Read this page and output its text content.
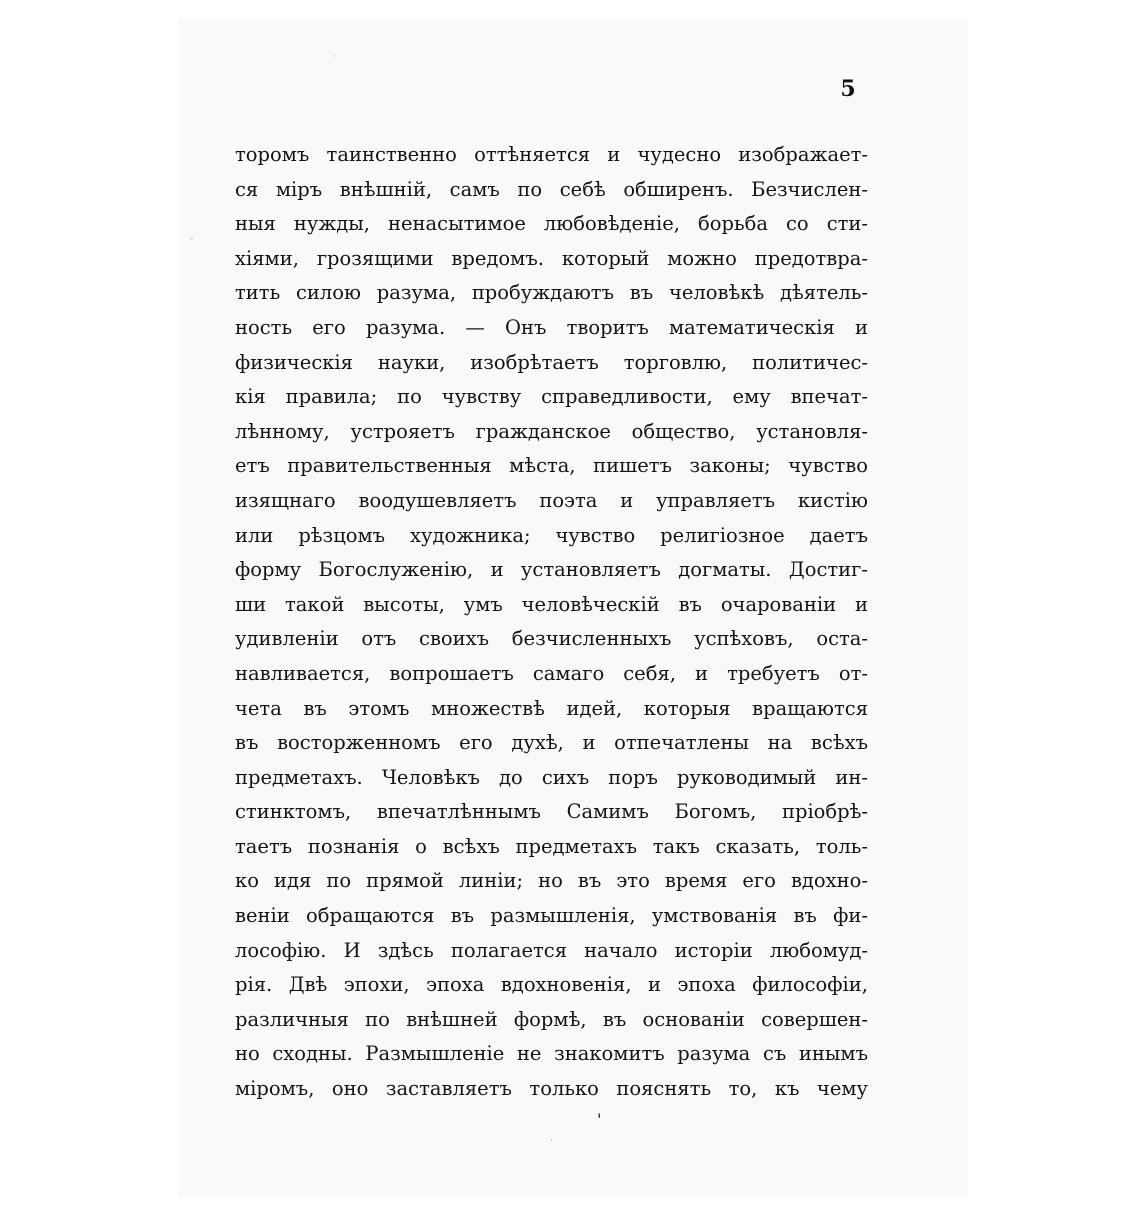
5
торомъ таинственно оттѣняется и чудесно изображает-
ся міръ внѣшній, самъ по себѣ обширенъ. Безчислен-
ныя нужды, ненасытимое любовѣденіе, борьба со сти-
хіями, грозящими вредомъ. который можно предотвра-
тить силою разума, пробуждаютъ въ человѣкѣ дѣятель-
ность его разума. — Онъ творитъ математическія и
физическія науки, изобрѣтаетъ торговлю, политичес-
кія правила; по чувству справедливости, ему впечат-
лѣнному, устрояетъ гражданское общество, установля-
етъ правительственныя мѣста, пишетъ законы; чувство
изящнаго воодушевляетъ поэта и управляетъ кистію
или рѣзцомъ художника; чувство религіозное даетъ
форму Богослуженію, и установляетъ догматы. Достиг-
ши такой высоты, умъ человѣческій въ очарованіи и
удивленіи отъ своихъ безчисленныхъ успѣховъ, оста-
навливается, вопрошаетъ самаго себя, и требуетъ от-
чета въ этомъ множествѣ идей, которыя вращаются
въ восторженномъ его духѣ, и отпечатлены на всѣхъ
предметахъ. Человѣкъ до сихъ поръ руководимый ин-
стинктомъ, впечатлѣннымъ Самимъ Богомъ, пріобрѣ-
таетъ познанія о всѣхъ предметахъ такъ сказать, толь-
ко идя по прямой линіи; но въ это время его вдохно-
веніи обращаются въ размышленія, умствованія въ фи-
лософію. И здѣсь полагается начало исторіи любомуд-
рія. Двѣ эпохи, эпоха вдохновенія, и эпоха философіи,
различныя по внѣшней формѣ, въ основаніи совершен-
но сходны. Размышленіе не знакомитъ разума съ инымъ
міромъ, оно заставляетъ только пояснять то, къ чему
'
·
-
·
